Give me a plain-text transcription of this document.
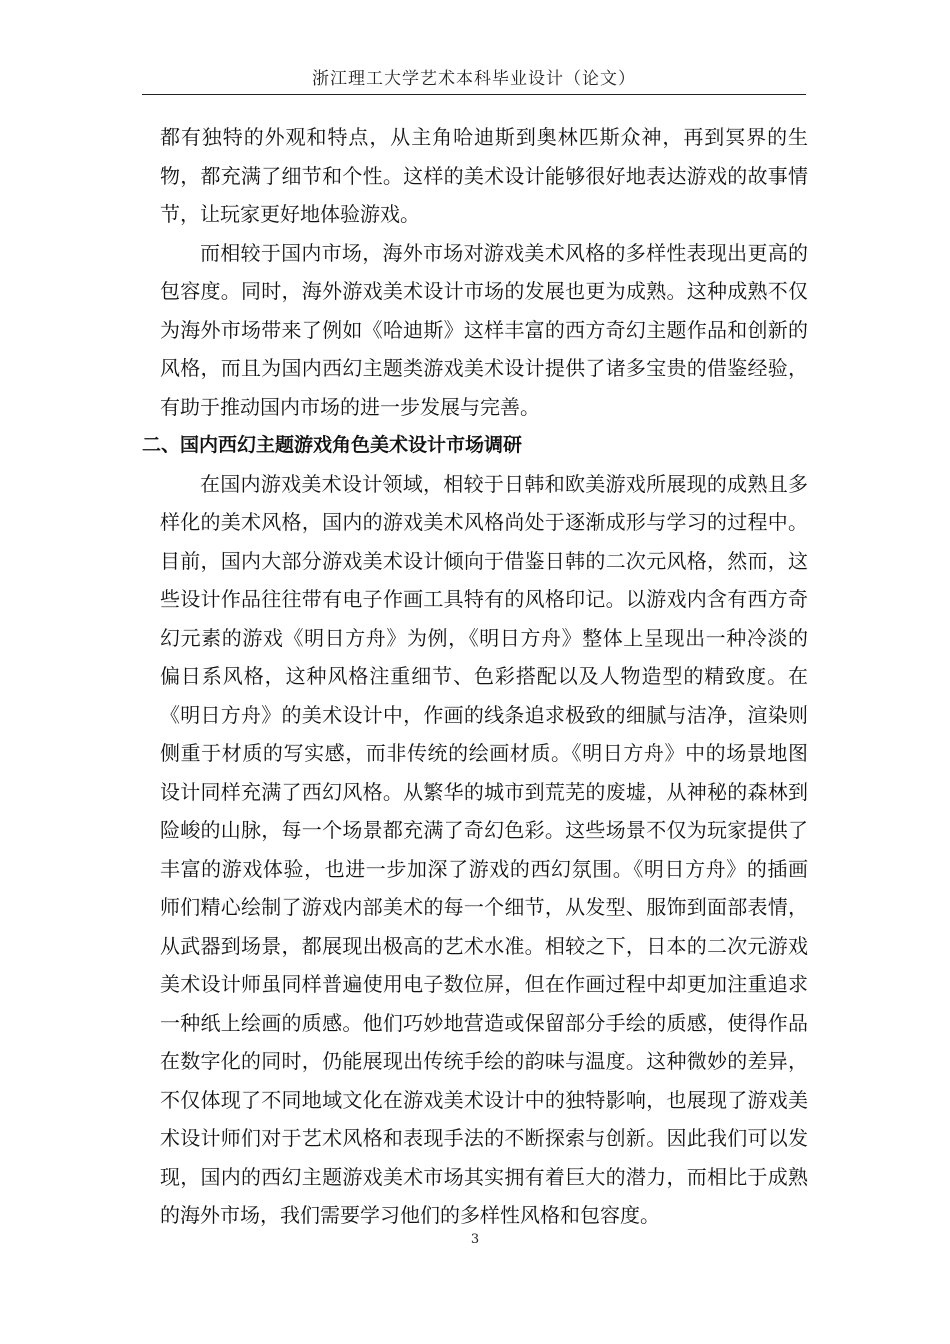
浙江理工大学艺术本科毕业设计（论文）

都有独特的外观和特点，从主角哈迪斯到奥林匹斯众神，再到冥界的生物，都充满了细节和个性。这样的美术设计能够很好地表达游戏的故事情节，让玩家更好地体验游戏。

而相较于国内市场，海外市场对游戏美术风格的多样性表现出更高的包容度。同时，海外游戏美术设计市场的发展也更为成熟。这种成熟不仅为海外市场带来了例如《哈迪斯》这样丰富的西方奇幻主题作品和创新的风格，而且为国内西幻主题类游戏美术设计提供了诸多宝贵的借鉴经验，有助于推动国内市场的进一步发展与完善。

二、国内西幻主题游戏角色美术设计市场调研

在国内游戏美术设计领域，相较于日韩和欧美游戏所展现的成熟且多样化的美术风格，国内的游戏美术风格尚处于逐渐成形与学习的过程中。目前，国内大部分游戏美术设计倾向于借鉴日韩的二次元风格，然而，这些设计作品往往带有电子作画工具特有的风格印记。以游戏内含有西方奇幻元素的游戏《明日方舟》为例，《明日方舟》整体上呈现出一种冷淡的偏日系风格，这种风格注重细节、色彩搭配以及人物造型的精致度。在《明日方舟》的美术设计中，作画的线条追求极致的细腻与洁净，渲染则侧重于材质的写实感，而非传统的绘画材质。《明日方舟》中的场景地图设计同样充满了西幻风格。从繁华的城市到荒芜的废墟，从神秘的森林到险峻的山脉，每一个场景都充满了奇幻色彩。这些场景不仅为玩家提供了丰富的游戏体验，也进一步加深了游戏的西幻氛围。《明日方舟》的插画师们精心绘制了游戏内部美术的每一个细节，从发型、服饰到面部表情，从武器到场景，都展现出极高的艺术水准。相较之下，日本的二次元游戏美术设计师虽同样普遍使用电子数位屏，但在作画过程中却更加注重追求一种纸上绘画的质感。他们巧妙地营造或保留部分手绘的质感，使得作品在数字化的同时，仍能展现出传统手绘的韵味与温度。这种微妙的差异，不仅体现了不同地域文化在游戏美术设计中的独特影响，也展现了游戏美术设计师们对于艺术风格和表现手法的不断探索与创新。因此我们可以发现，国内的西幻主题游戏美术市场其实拥有着巨大的潜力，而相比于成熟的海外市场，我们需要学习他们的多样性风格和包容度。

3
